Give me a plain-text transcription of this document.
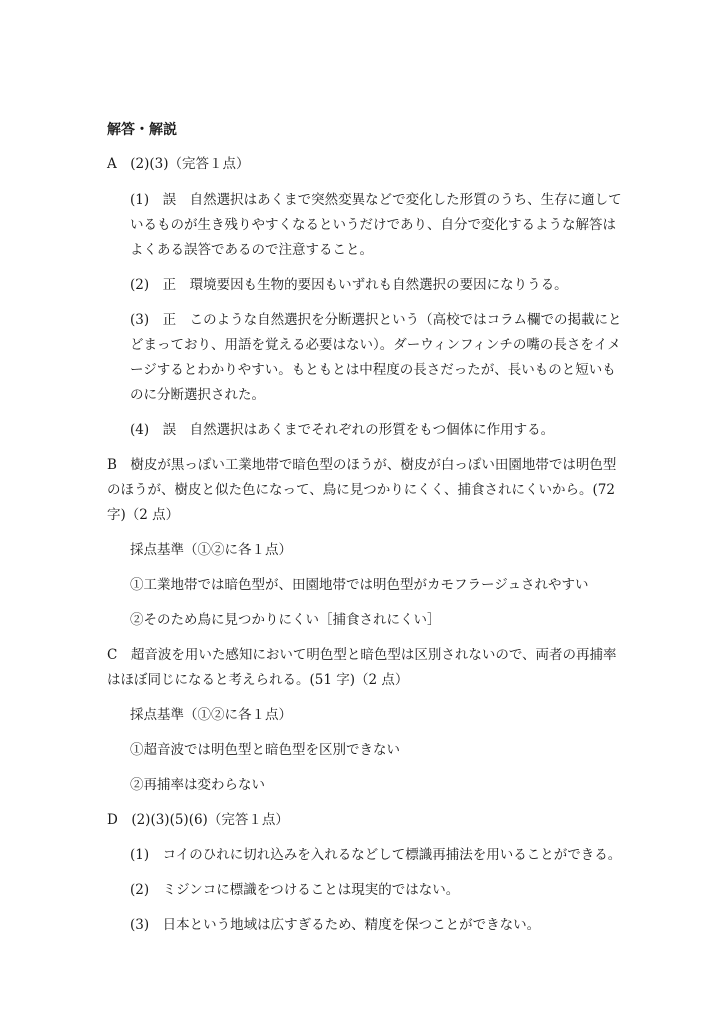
解答・解説
A　(2)(3)（完答１点）
(1)　誤　自然選択はあくまで突然変異などで変化した形質のうち、生存に適して
いるものが生き残りやすくなるというだけであり、自分で変化するような解答は
よくある誤答であるので注意すること。
(2)　正　環境要因も生物的要因もいずれも自然選択の要因になりうる。
(3)　正　このような自然選択を分断選択という（高校ではコラム欄での掲載にと
どまっており、用語を覚える必要はない）。ダーウィンフィンチの嘴の長さをイメ
ージするとわかりやすい。もともとは中程度の長さだったが、長いものと短いも
のに分断選択された。
(4)　誤　自然選択はあくまでそれぞれの形質をもつ個体に作用する。
B　樹皮が黒っぽい工業地帯で暗色型のほうが、樹皮が白っぽい田園地帯では明色型
のほうが、樹皮と似た色になって、鳥に見つかりにくく、捕食されにくいから。(72
字)（2 点）
採点基準（①②に各１点）
①工業地帯では暗色型が、田園地帯では明色型がカモフラージュされやすい
②そのため鳥に見つかりにくい［捕食されにくい］
C　超音波を用いた感知において明色型と暗色型は区別されないので、両者の再捕率
はほぼ同じになると考えられる。(51 字)（2 点）
採点基準（①②に各１点）
①超音波では明色型と暗色型を区別できない
②再捕率は変わらない
D　(2)(3)(5)(6)（完答１点）
(1)　コイのひれに切れ込みを入れるなどして標識再捕法を用いることができる。
(2)　ミジンコに標識をつけることは現実的ではない。
(3)　日本という地域は広すぎるため、精度を保つことができない。
